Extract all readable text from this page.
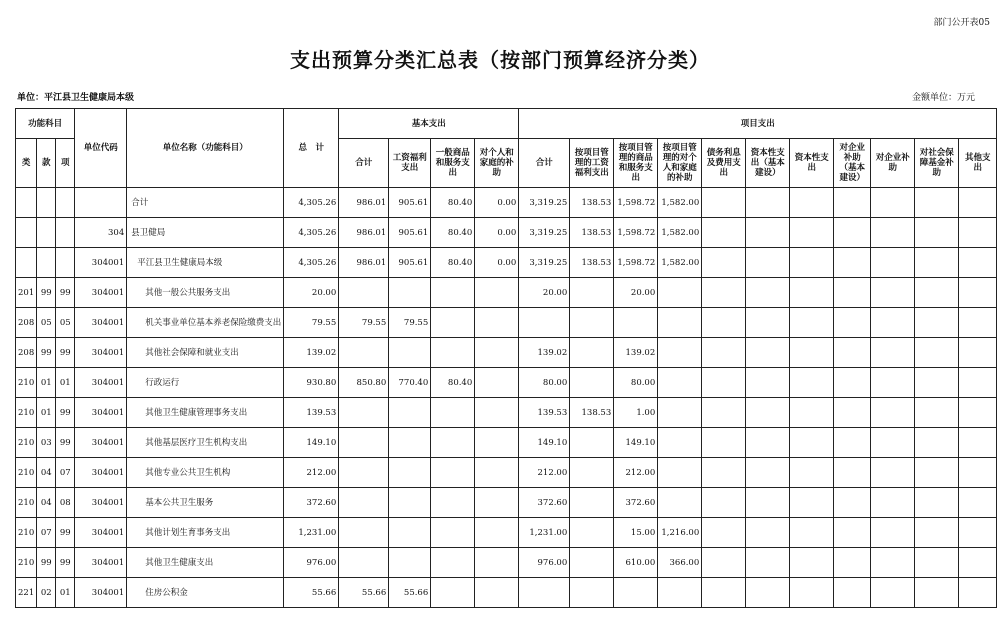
部门公开表05
支出预算分类汇总表（按部门预算经济分类）
单位：平江县卫生健康局本级	金额单位：万元
功能科目			单位代码	单位名称（功能科目）	总　计	基本支出				项目支出										
类	款	项				合计	工资福利支出	一般商品和服务支出	对个人和家庭的补助	合计	按项目管理的工资福利支出	按项目管理的商品和服务支出	按项目管理的对个人和家庭的补助	债务利息及费用支出	资本性支出（基本建设）	资本性支出	对企业补助（基本建设）	对企业补助	对社会保障基金补助	其他支出
				合计	4,305.26	986.01	905.61	80.40	0.00	3,319.25	138.53	1,598.72	1,582.00							
			304	县卫健局	4,305.26	986.01	905.61	80.40	0.00	3,319.25	138.53	1,598.72	1,582.00							
			304001	平江县卫生健康局本级	4,305.26	986.01	905.61	80.40	0.00	3,319.25	138.53	1,598.72	1,582.00							
201	99	99	304001	其他一般公共服务支出	20.00					20.00		20.00								
208	05	05	304001	机关事业单位基本养老保险缴费支出	79.55	79.55	79.55													
208	99	99	304001	其他社会保障和就业支出	139.02					139.02		139.02								
210	01	01	304001	行政运行	930.80	850.80	770.40	80.40		80.00		80.00								
210	01	99	304001	其他卫生健康管理事务支出	139.53					139.53	138.53	1.00								
210	03	99	304001	其他基层医疗卫生机构支出	149.10					149.10		149.10								
210	04	07	304001	其他专业公共卫生机构	212.00					212.00		212.00								
210	04	08	304001	基本公共卫生服务	372.60					372.60		372.60								
210	07	99	304001	其他计划生育事务支出	1,231.00					1,231.00		15.00	1,216.00							
210	99	99	304001	其他卫生健康支出	976.00					976.00		610.00	366.00							
221	02	01	304001	住房公积金	55.66	55.66	55.66													
